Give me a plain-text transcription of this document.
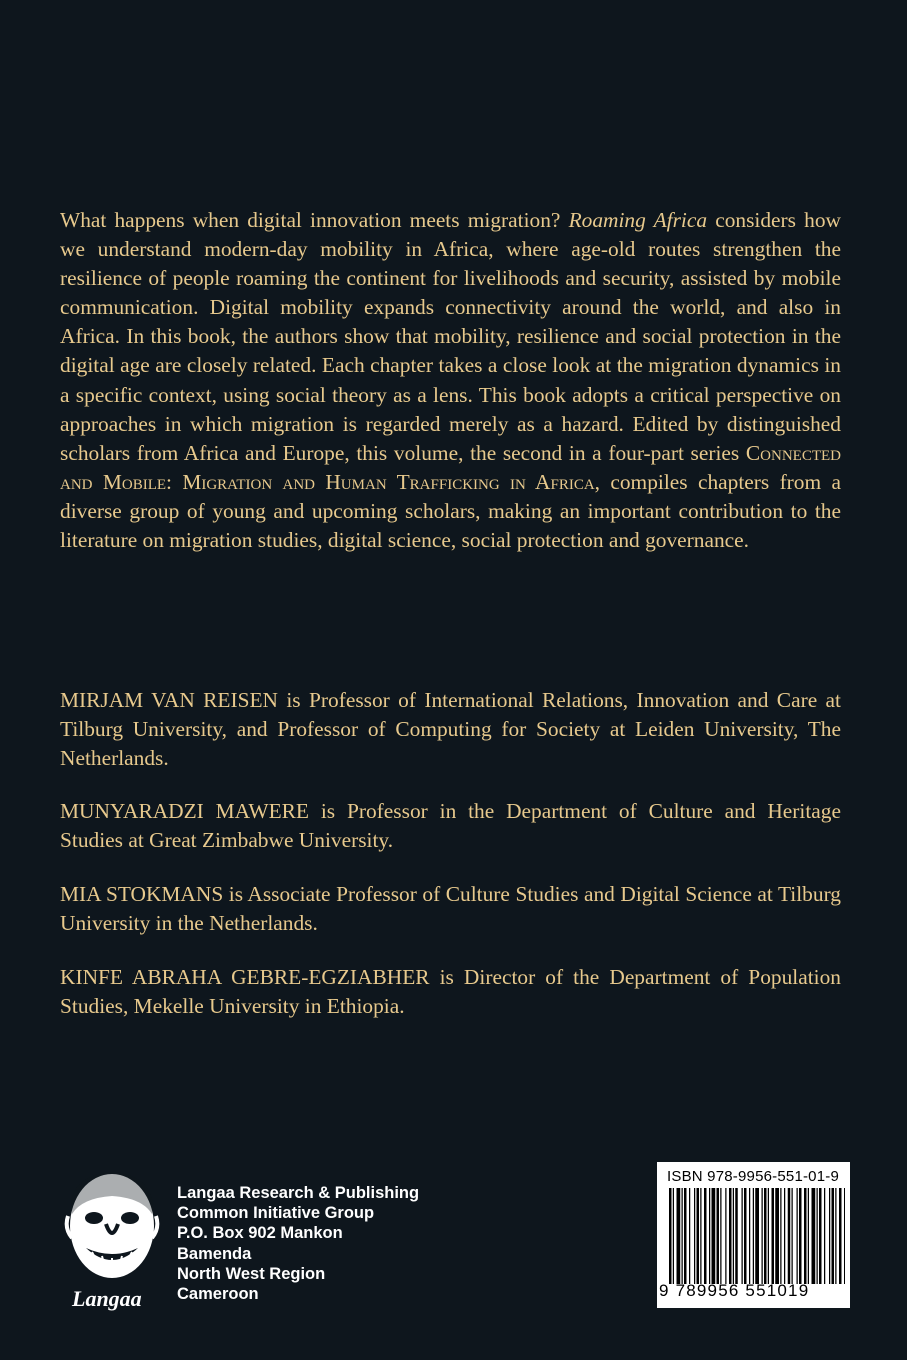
What happens when digital innovation meets migration? Roaming Africa considers how we understand modern-day mobility in Africa, where age-old routes strengthen the resilience of people roaming the continent for livelihoods and security, assisted by mobile communication. Digital mobility expands connectivity around the world, and also in Africa. In this book, the authors show that mobility, resilience and social protection in the digital age are closely related. Each chapter takes a close look at the migration dynamics in a specific context, using social theory as a lens. This book adopts a critical perspective on approaches in which migration is regarded merely as a hazard. Edited by distinguished scholars from Africa and Europe, this volume, the second in a four-part series Connected and Mobile: Migration and Human Trafficking in Africa, compiles chapters from a diverse group of young and upcoming scholars, making an important contribution to the literature on migration studies, digital science, social protection and governance.

MIRJAM VAN REISEN is Professor of International Relations, Innovation and Care at Tilburg University, and Professor of Computing for Society at Leiden University, The Netherlands.

MUNYARADZI MAWERE is Professor in the Department of Culture and Heritage Studies at Great Zimbabwe University.

MIA STOKMANS is Associate Professor of Culture Studies and Digital Science at Tilburg University in the Netherlands.

KINFE ABRAHA GEBRE-EGZIABHER is Director of the Department of Population Studies, Mekelle University in Ethiopia.

Langaa
Langaa Research & Publishing
Common Initiative Group
P.O. Box 902 Mankon
Bamenda
North West Region
Cameroon
ISBN 978-9956-551-01-9
9 789956 551019
